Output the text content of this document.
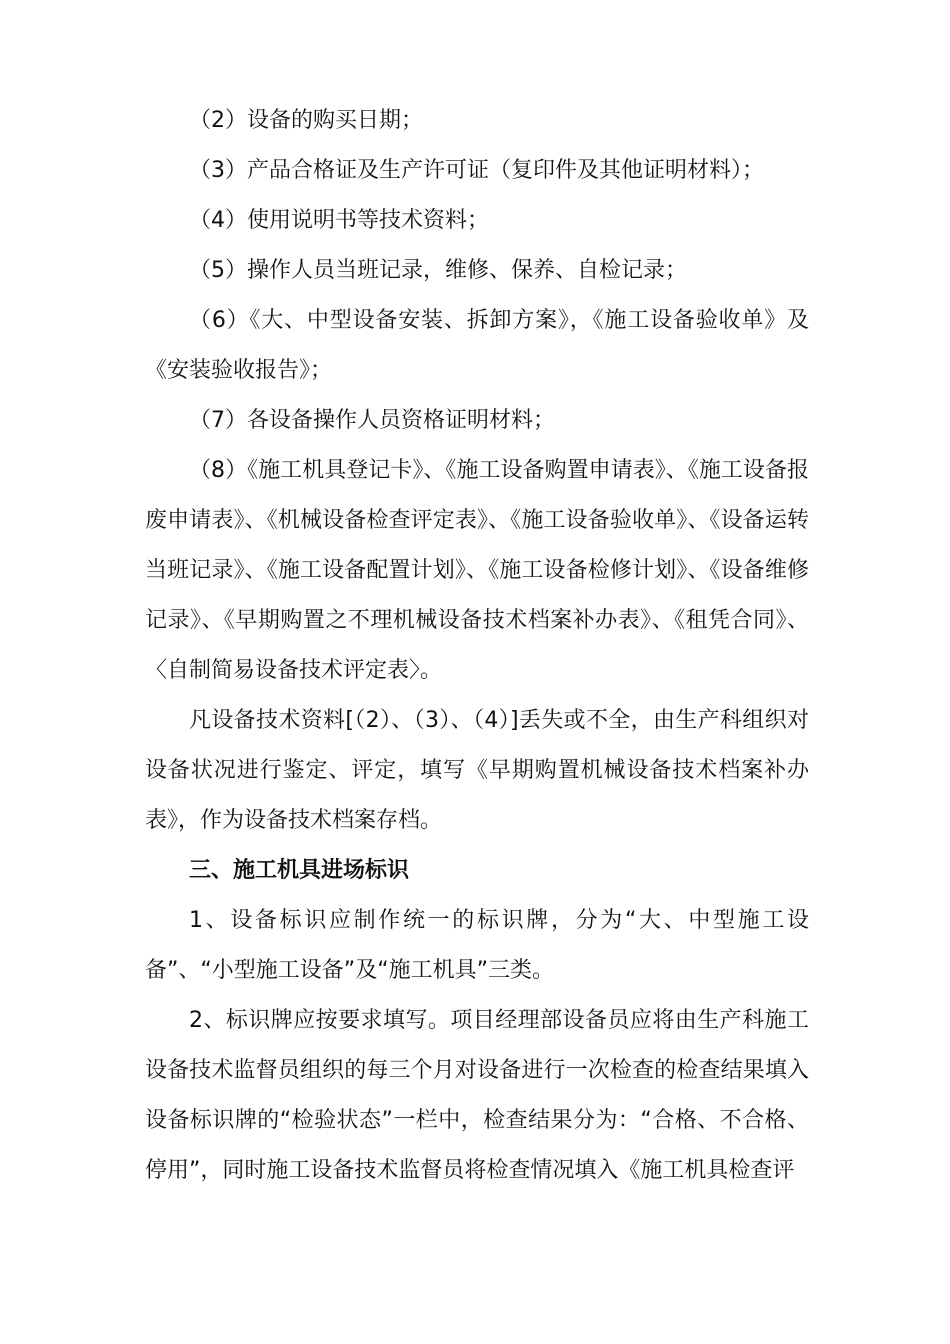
（2）设备的购买日期；

（3）产品合格证及生产许可证（复印件及其他证明材料）；

（4）使用说明书等技术资料；

（5）操作人员当班记录，维修、保养、自检记录；

（6）《大、中型设备安装、拆卸方案》，《施工设备验收单》及《安装验收报告》；

（7）各设备操作人员资格证明材料；

（8）《施工机具登记卡》、《施工设备购置申请表》、《施工设备报废申请表》、《机械设备检查评定表》、《施工设备验收单》、《设备运转当班记录》、《施工设备配置计划》、《施工设备检修计划》、《设备维修记录》、《早期购置之不理机械设备技术档案补办表》、《租凭合同》、〈自制简易设备技术评定表〉。

凡设备技术资料[（2）、（3）、（4）]丢失或不全，由生产科组织对设备状况进行鉴定、评定，填写《早期购置机械设备技术档案补办表》，作为设备技术档案存档。

三、施工机具进场标识

1、设备标识应制作统一的标识牌，分为“大、中型施工设备”、“小型施工设备”及“施工机具”三类。

2、标识牌应按要求填写。项目经理部设备员应将由生产科施工设备技术监督员组织的每三个月对设备进行一次检查的检查结果填入设备标识牌的“检验状态”一栏中，检查结果分为：“合格、不合格、停用”，同时施工设备技术监督员将检查情况填入《施工机具检查评
